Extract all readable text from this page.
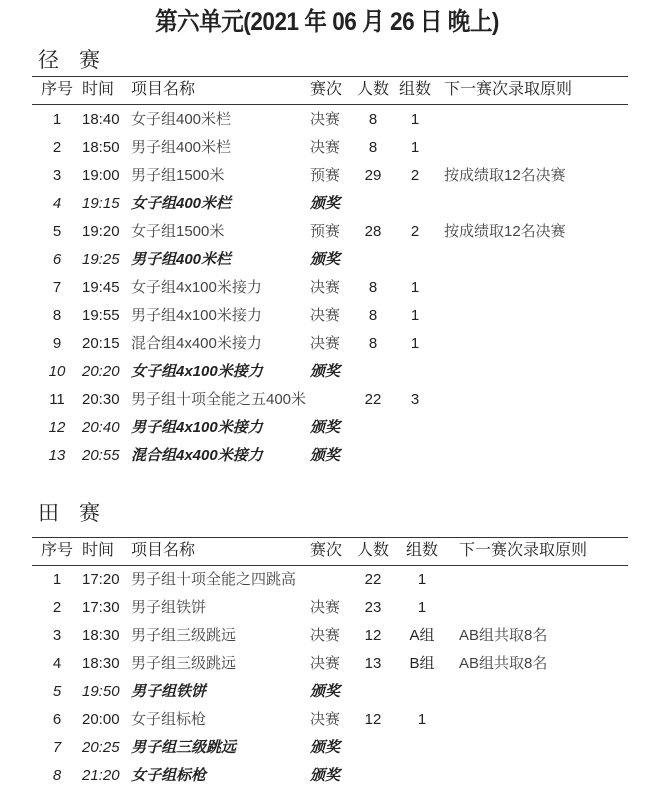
第六单元(2021 年 06 月 26 日 晚上)
径赛
序号 时间 项目名称	赛次 人数 组数 下一赛次录取原则
1	18:40 女子组400米栏	决赛	8	1
2	18:50 男子组400米栏	决赛	8	1
3	19:00 男子组1500米	预赛	29	2	按成绩取12名决赛
4	19:15 女子组400米栏	颁奖
5	19:20 女子组1500米	预赛	28	2	按成绩取12名决赛
6	19:25 男子组400米栏	颁奖
7	19:45 女子组4x100米接力	决赛	8	1
8	19:55 男子组4x100米接力	决赛	8	1
9	20:15 混合组4x400米接力	决赛	8	1
10	20:20 女子组4x100米接力	颁奖
11	20:30 男子组十项全能之五400米	22	3
12	20:40 男子组4x100米接力	颁奖
13	20:55 混合组4x400米接力	颁奖
田赛
序号 时间 项目名称	赛次 人数 组数 下一赛次录取原则
1	17:20 男子组十项全能之四跳高	22	1
2	17:30 男子组铁饼	决赛	23	1
3	18:30 男子组三级跳远	决赛	12	A组	AB组共取8名
4	18:30 男子组三级跳远	决赛	13	B组	AB组共取8名
5	19:50 男子组铁饼	颁奖
6	20:00 女子组标枪	决赛	12	1
7	20:25 男子组三级跳远	颁奖
8	21:20 女子组标枪	颁奖
